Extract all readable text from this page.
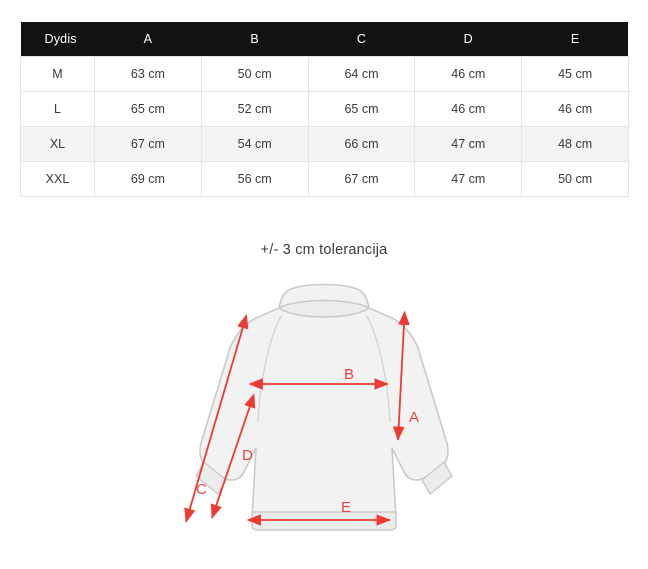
Dydis	A	B	C	D	E
M	63 cm	50 cm	64 cm	46 cm	45 cm
L	65 cm	52 cm	65 cm	46 cm	46 cm
XL	67 cm	54 cm	66 cm	47 cm	48 cm
XXL	69 cm	56 cm	67 cm	47 cm	50 cm
+/- 3 cm tolerancija
A
B
C
D
E
